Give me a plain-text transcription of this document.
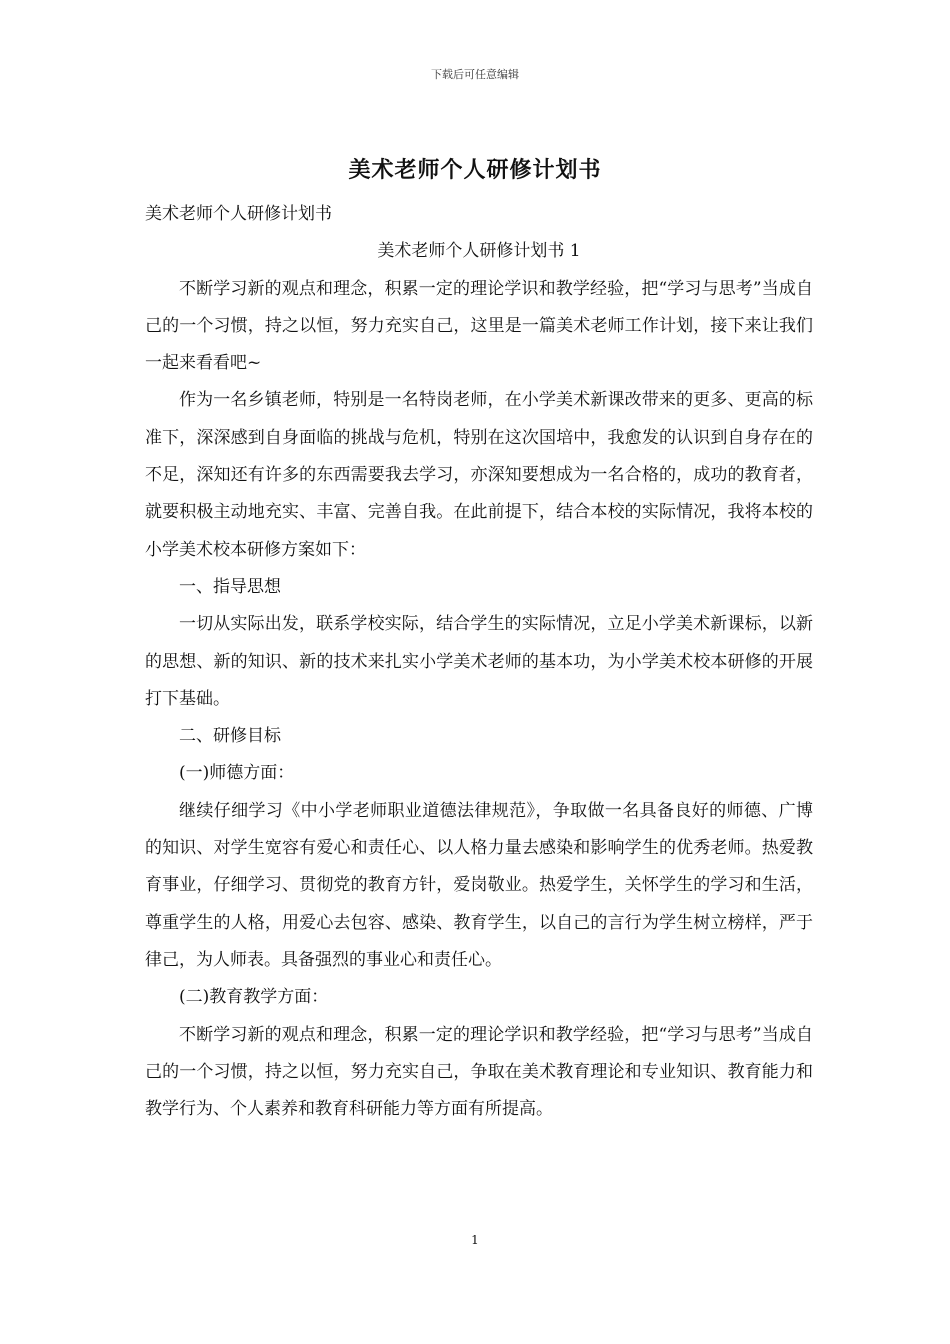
下载后可任意编辑
美术老师个人研修计划书

美术老师个人研修计划书

美术老师个人研修计划书 1

不断学习新的观点和理念，积累一定的理论学识和教学经验，把“学习与思考”当成自己的一个习惯，持之以恒，努力充实自己，这里是一篇美术老师工作计划，接下来让我们一起来看看吧~

作为一名乡镇老师，特别是一名特岗老师，在小学美术新课改带来的更多、更高的标准下，深深感到自身面临的挑战与危机，特别在这次国培中，我愈发的认识到自身存在的不足，深知还有许多的东西需要我去学习，亦深知要想成为一名合格的，成功的教育者，就要积极主动地充实、丰富、完善自我。在此前提下，结合本校的实际情况，我将本校的小学美术校本研修方案如下：

一、指导思想

一切从实际出发，联系学校实际，结合学生的实际情况，立足小学美术新课标，以新的思想、新的知识、新的技术来扎实小学美术老师的基本功，为小学美术校本研修的开展打下基础。

二、研修目标

(一)师德方面：

继续仔细学习《中小学老师职业道德法律规范》，争取做一名具备良好的师德、广博的知识、对学生宽容有爱心和责任心、以人格力量去感染和影响学生的优秀老师。热爱教育事业，仔细学习、贯彻党的教育方针，爱岗敬业。热爱学生，关怀学生的学习和生活，尊重学生的人格，用爱心去包容、感染、教育学生，以自己的言行为学生树立榜样，严于律己，为人师表。具备强烈的事业心和责任心。

(二)教育教学方面：

不断学习新的观点和理念，积累一定的理论学识和教学经验，把“学习与思考”当成自己的一个习惯，持之以恒，努力充实自己，争取在美术教育理论和专业知识、教育能力和教学行为、个人素养和教育科研能力等方面有所提高。

1
